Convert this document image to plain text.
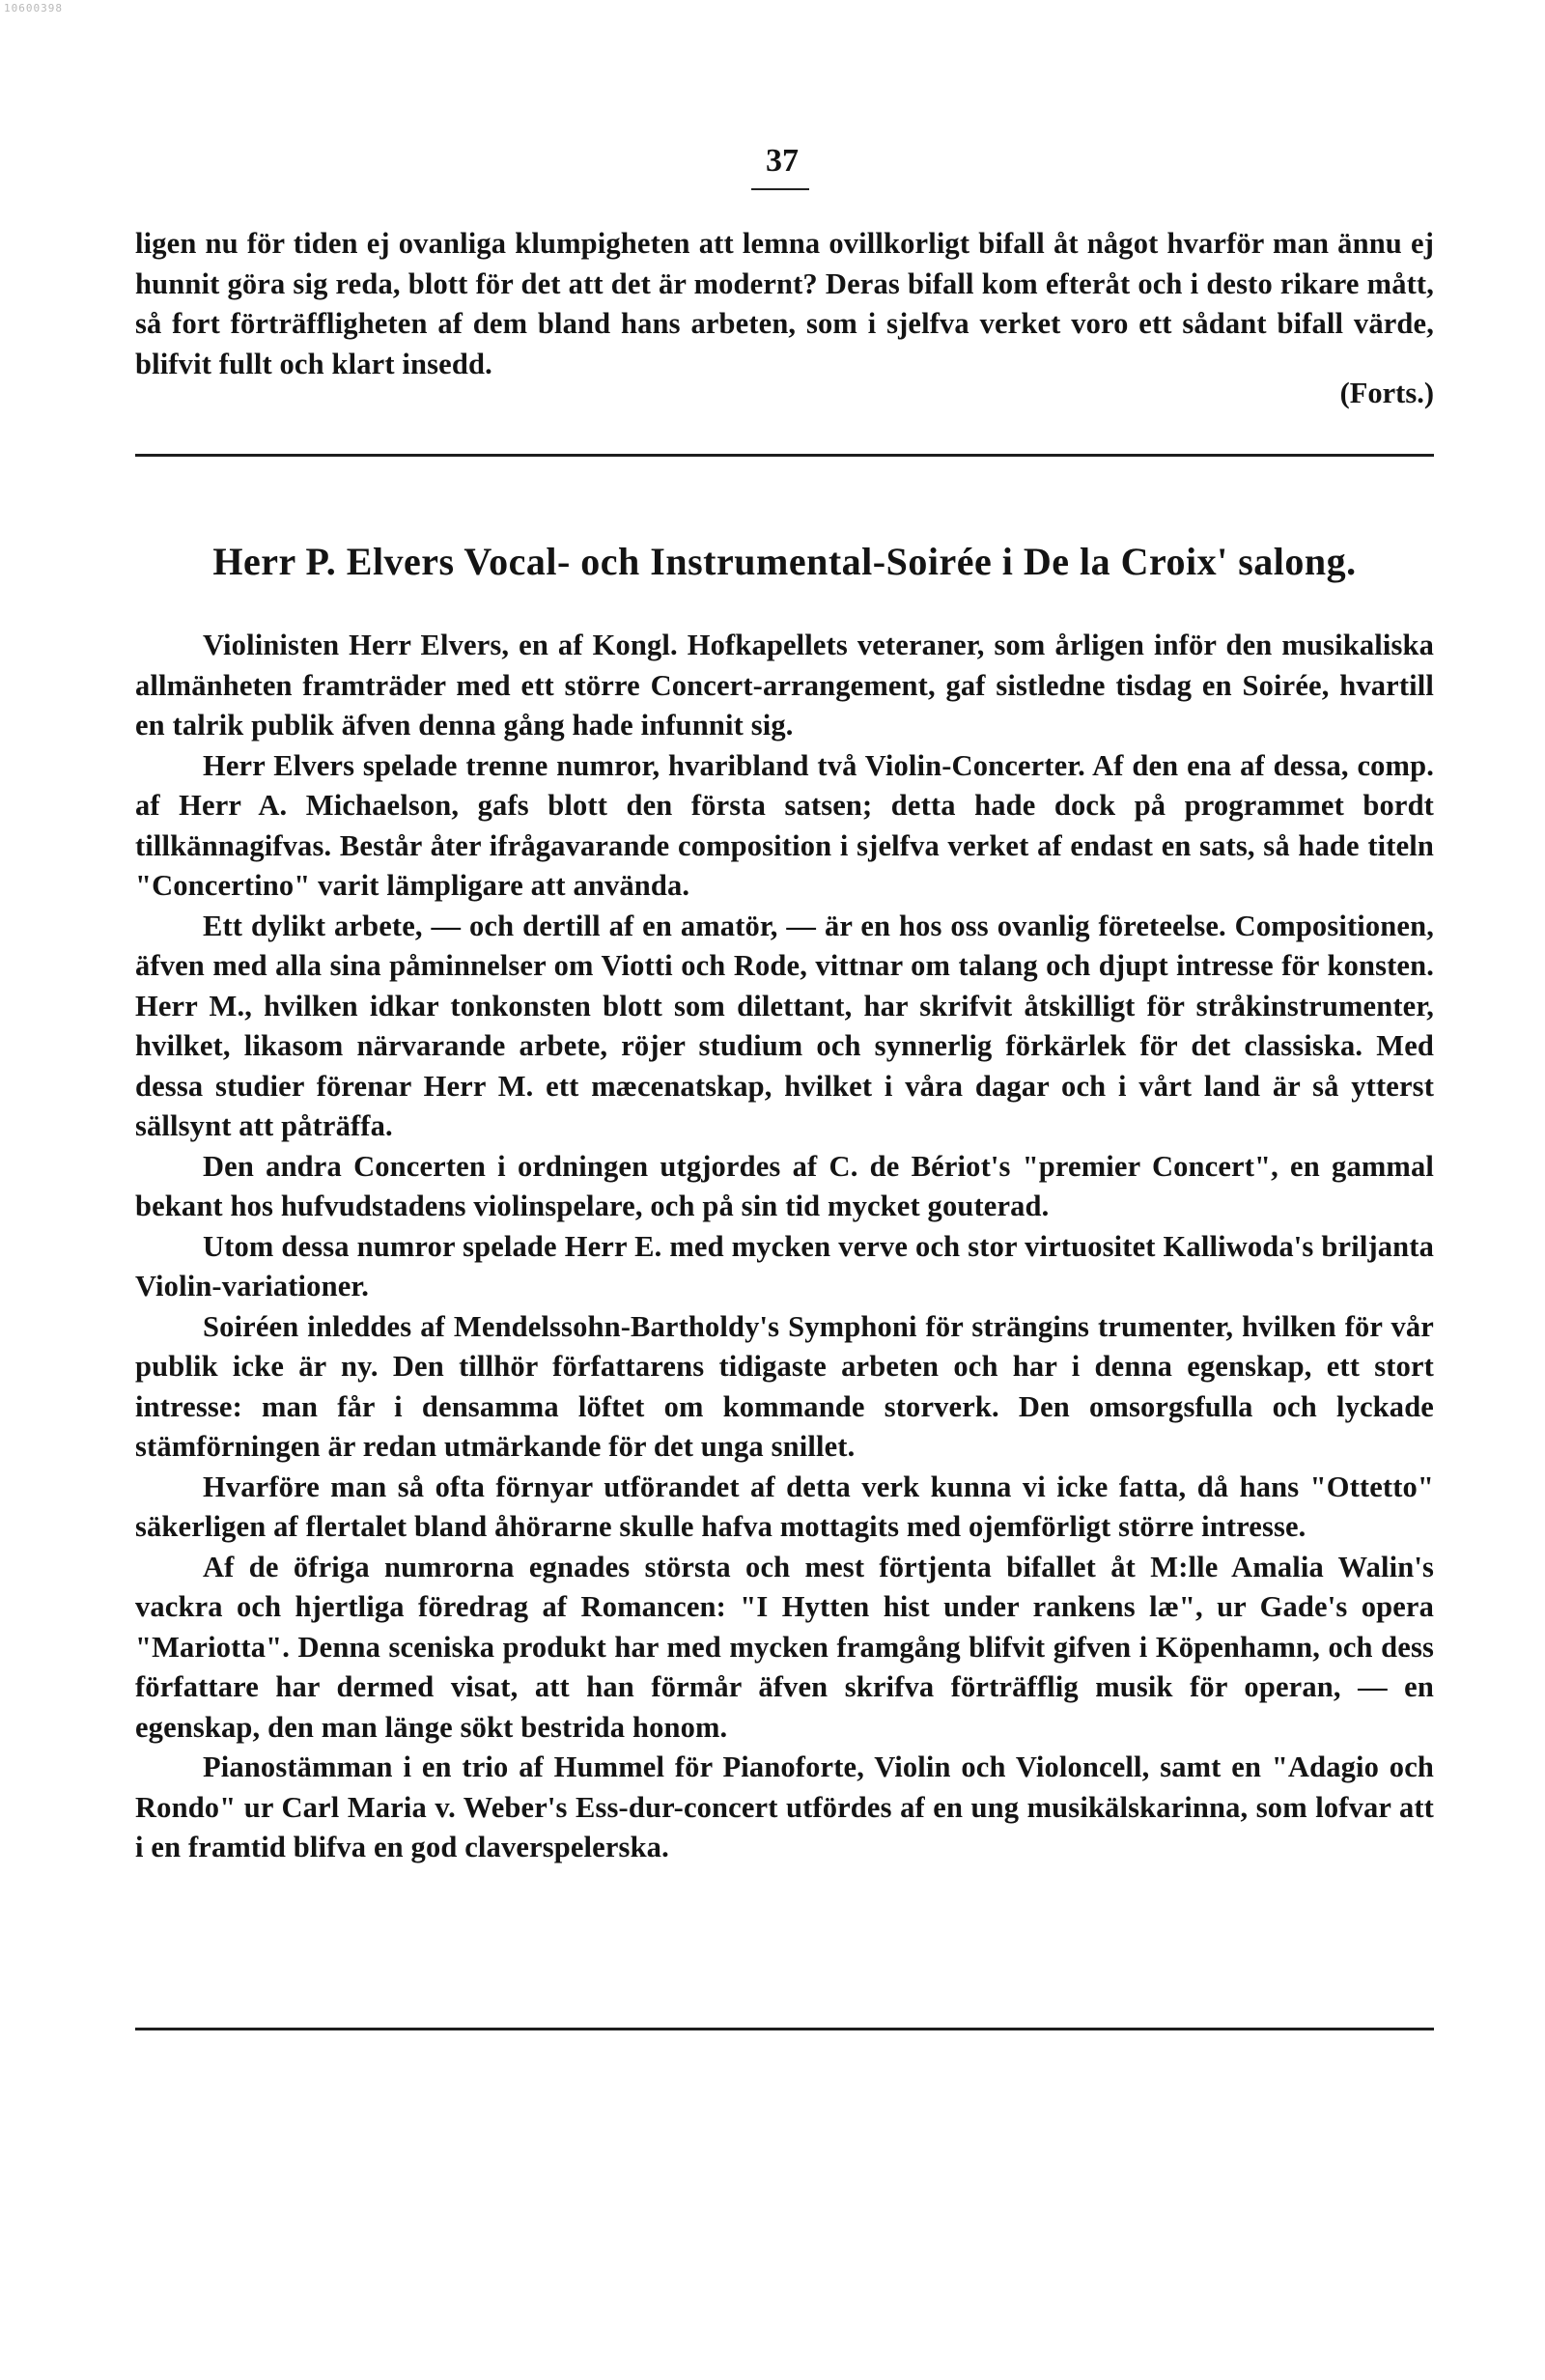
10600398
37

ligen nu för tiden ej ovanliga klumpigheten att lemna ovillkorligt bifall åt något hvarför man ännu ej hunnit göra sig reda, blott för det att det är modernt? Deras bifall kom efteråt och i desto rikare mått, så fort förträffligheten af dem bland hans arbeten, som i sjelfva verket voro ett sådant bifall värde, blifvit fullt och klart insedd.

(Forts.)
Herr P. Elvers Vocal- och Instrumental-Soirée i De la Croix' salong.

Violinisten Herr Elvers, en af Kongl. Hofkapellets veteraner, som årligen inför den musikaliska allmänheten framträder med ett större Concert-arrangement, gaf sistledne tisdag en Soirée, hvartill en talrik publik äfven denna gång hade infunnit sig.

Herr Elvers spelade trenne numror, hvaribland två Violin-Concerter. Af den ena af dessa, comp. af Herr A. Michaelson, gafs blott den första satsen; detta hade dock på programmet bordt tillkännagifvas. Består åter ifrågavarande composition i sjelfva verket af endast en sats, så hade titeln "Concertino" varit lämpligare att använda.

Ett dylikt arbete, — och dertill af en amatör, — är en hos oss ovanlig företeelse. Compositionen, äfven med alla sina påminnelser om Viotti och Rode, vittnar om talang och djupt intresse för konsten. Herr M., hvilken idkar tonkonsten blott som dilettant, har skrifvit åtskilligt för stråkinstrumenter, hvilket, likasom närvarande arbete, röjer studium och synnerlig förkärlek för det classiska. Med dessa studier förenar Herr M. ett mæcenatskap, hvilket i våra dagar och i vårt land är så ytterst sällsynt att påträffa.

Den andra Concerten i ordningen utgjordes af C. de Bériot's "premier Concert", en gammal bekant hos hufvudstadens violinspelare, och på sin tid mycket gouterad.

Utom dessa numror spelade Herr E. med mycken verve och stor virtuositet Kalliwoda's briljanta Violin-variationer.

Soiréen inleddes af Mendelssohn-Bartholdy's Symphoni för strängins trumenter, hvilken för vår publik icke är ny. Den tillhör författarens tidigaste arbeten och har i denna egenskap, ett stort intresse: man får i densamma löftet om kommande storverk. Den omsorgsfulla och lyckade stämförningen är redan utmärkande för det unga snillet.

Hvarföre man så ofta förnyar utförandet af detta verk kunna vi icke fatta, då hans "Ottetto" säkerligen af flertalet bland åhörarne skulle hafva mottagits med ojemförligt större intresse.

Af de öfriga numrorna egnades största och mest förtjenta bifallet åt M:lle Amalia Walin's vackra och hjertliga föredrag af Romancen: "I Hytten hist under rankens læ", ur Gade's opera "Mariotta". Denna sceniska produkt har med mycken framgång blifvit gifven i Köpenhamn, och dess författare har dermed visat, att han förmår äfven skrifva förträfflig musik för operan, — en egenskap, den man länge sökt bestrida honom.

Pianostämman i en trio af Hummel för Pianoforte, Violin och Violoncell, samt en "Adagio och Rondo" ur Carl Maria v. Weber's Ess-dur-concert utfördes af en ung musikälskarinna, som lofvar att i en framtid blifva en god claverspelerska.
